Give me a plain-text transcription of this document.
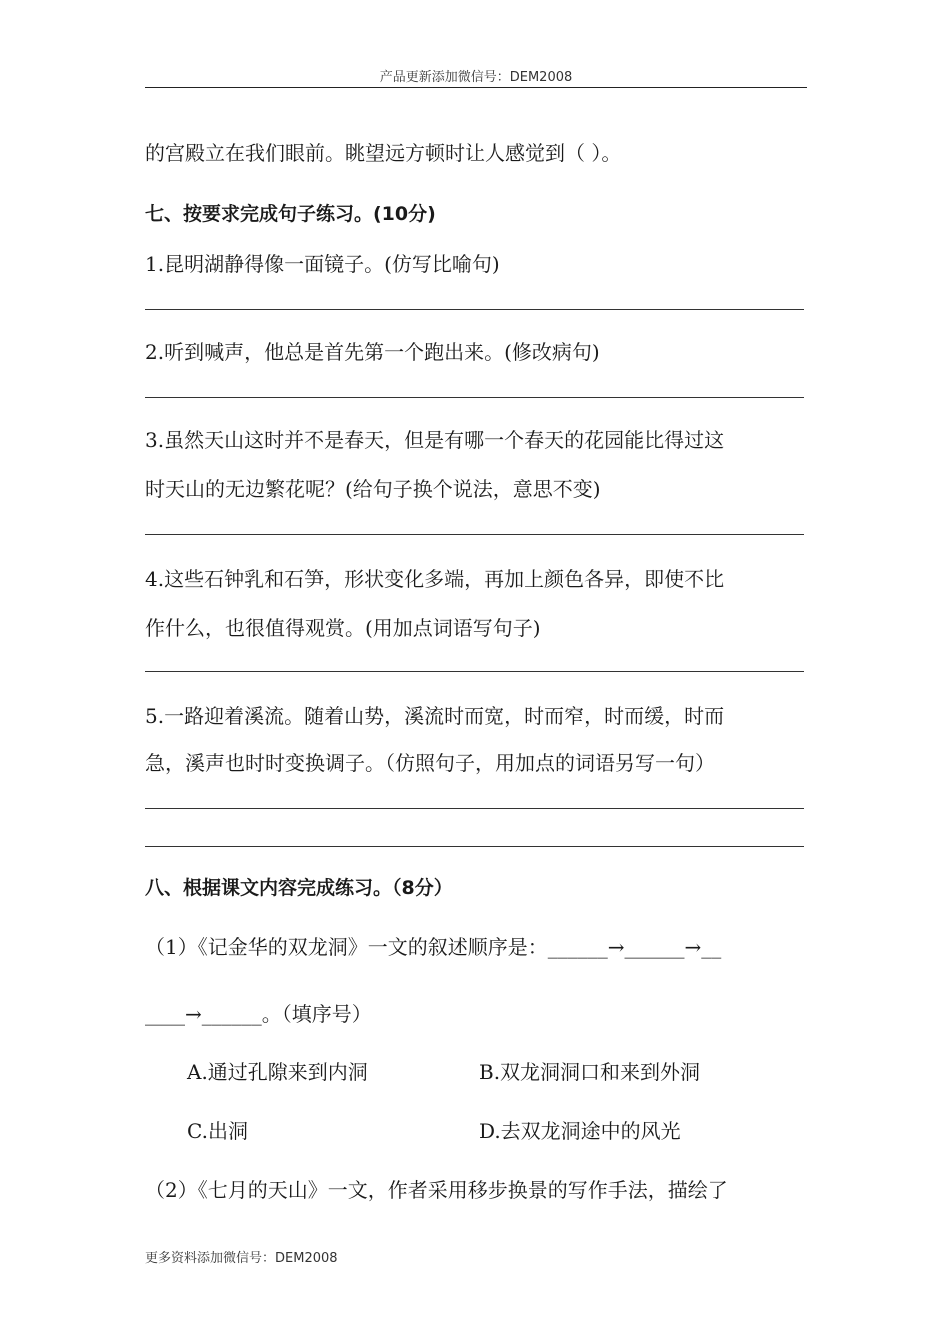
产品更新添加微信号：DEM2008
的宫殿立在我们眼前。眺望远方顿时让人感觉到（ ）。
七、按要求完成句子练习。(10分)
1.昆明湖静得像一面镜子。(仿写比喻句)
2.听到喊声，他总是首先第一个跑出来。(修改病句)
3.虽然天山这时并不是春天，但是有哪一个春天的花园能比得过这
时天山的无边繁花呢？(给句子换个说法，意思不变)
4.这些石钟乳和石笋，形状变化多端，再加上颜色各异，即使不比
作什么，也很值得观赏。(用加点词语写句子)
5.一路迎着溪流。随着山势，溪流时而宽，时而窄，时而缓，时而
急，溪声也时时变换调子。（仿照句子，用加点的词语另写一句）
八、根据课文内容完成练习。（8分）
（1）《记金华的双龙洞》一文的叙述顺序是：______→______→__
____→______。（填序号）
A.通过孔隙来到内洞	B.双龙洞洞口和来到外洞
C.出洞	D.去双龙洞途中的风光
（2）《七月的天山》一文，作者采用移步换景的写作手法，描绘了
更多资料添加微信号：DEM2008
